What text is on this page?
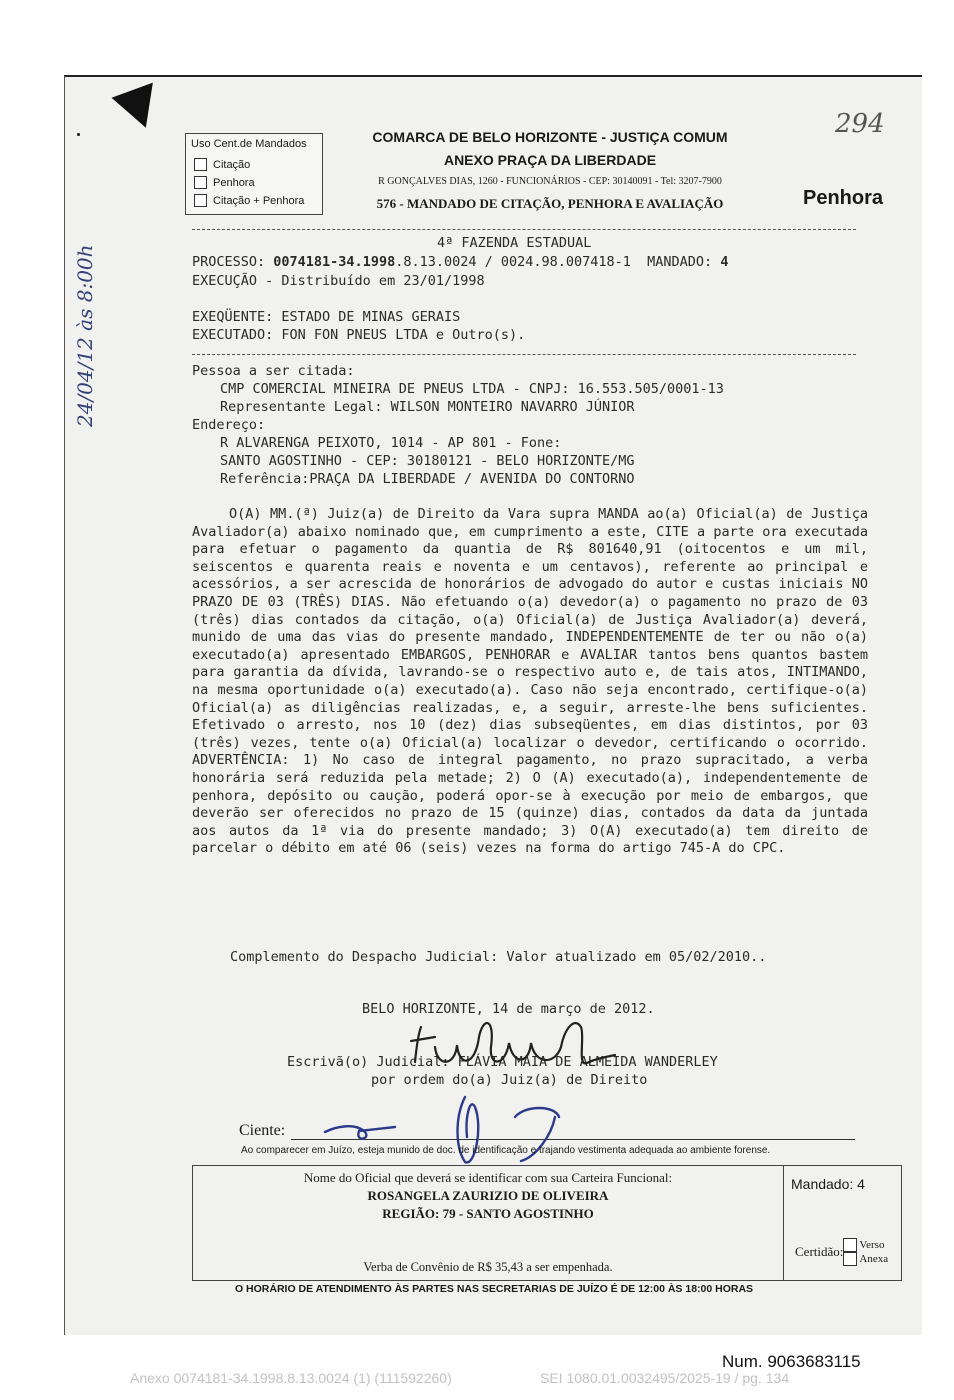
Uso Cent.de Mandados
Citação
Penhora
Citação + Penhora
COMARCA DE BELO HORIZONTE - JUSTIÇA COMUM
ANEXO PRAÇA DA LIBERDADE
R GONÇALVES DIAS, 1260 - FUNCIONÁRIOS - CEP: 30140091 - Tel: 3207-7900
576 - MANDADO DE CITAÇÃO, PENHORA E AVALIAÇÃO	Penhora
294
4ª FAZENDA ESTADUAL
PROCESSO: 0074181-34.1998.8.13.0024 / 0024.98.007418-1  MANDADO: 4
EXECUÇÃO - Distribuído em 23/01/1998
EXEQÜENTE: ESTADO DE MINAS GERAIS
EXECUTADO: FON FON PNEUS LTDA e Outro(s).
Pessoa a ser citada:
CMP COMERCIAL MINEIRA DE PNEUS LTDA - CNPJ: 16.553.505/0001-13
Representante Legal: WILSON MONTEIRO NAVARRO JÚNIOR
Endereço:
R ALVARENGA PEIXOTO, 1014 - AP 801 - Fone:
SANTO AGOSTINHO - CEP: 30180121 - BELO HORIZONTE/MG
Referência:PRAÇA DA LIBERDADE / AVENIDA DO CONTORNO
O(A) MM.(ª) Juiz(a) de Direito da Vara supra MANDA ao(a) Oficial(a) de Justiça Avaliador(a) abaixo nominado que, em cumprimento a este, CITE a parte ora executada para efetuar o pagamento da quantia de R$ 801640,91 (oitocentos e um mil, seiscentos e quarenta reais e noventa e um centavos), referente ao principal e acessórios, a ser acrescida de honorários de advogado do autor e custas iniciais NO PRAZO DE 03 (TRÊS) DIAS. Não efetuando o(a) devedor(a) o pagamento no prazo de 03 (três) dias contados da citação, o(a) Oficial(a) de Justiça Avaliador(a) deverá, munido de uma das vias do presente mandado, INDEPENDENTEMENTE de ter ou não o(a) executado(a) apresentado EMBARGOS, PENHORAR e AVALIAR tantos bens quantos bastem para garantia da dívida, lavrando-se o respectivo auto e, de tais atos, INTIMANDO, na mesma oportunidade o(a) executado(a). Caso não seja encontrado, certifique-o(a) Oficial(a) as diligências realizadas, e, a seguir, arreste-lhe bens suficientes. Efetivado o arresto, nos 10 (dez) dias subseqüentes, em dias distintos, por 03 (três) vezes, tente o(a) Oficial(a) localizar o devedor, certificando o ocorrido. ADVERTÊNCIA: 1) No caso de integral pagamento, no prazo supracitado, a verba honorária será reduzida pela metade; 2) O (A) executado(a), independentemente de penhora, depósito ou caução, poderá opor-se à execução por meio de embargos, que deverão ser oferecidos no prazo de 15 (quinze) dias, contados da data da juntada aos autos da 1ª via do presente mandado; 3) O(A) executado(a) tem direito de parcelar o débito em até 06 (seis) vezes na forma do artigo 745-A do CPC.
Complemento do Despacho Judicial: Valor atualizado em 05/02/2010..
BELO HORIZONTE, 14 de março de 2012.
Escrivã(o) Judicial: FLÁVIA MAIA DE ALMEIDA WANDERLEY
por ordem do(a) Juiz(a) de Direito
24/04/12 às 8:00h
Ciente:
Ao comparecer em Juízo, esteja munido de doc. de identificação e trajando vestimenta adequada ao ambiente forense.
Nome do Oficial que deverá se identificar com sua Carteira Funcional:
ROSANGELA ZAURIZIO DE OLIVEIRA
REGIÃO: 79 - SANTO AGOSTINHO
Verba de Convênio de R$ 35,43 a ser empenhada.
Mandado: 4
Certidão: Verso
Anexa
O HORÁRIO DE ATENDIMENTO ÀS PARTES NAS SECRETARIAS DE JUÍZO É DE 12:00 ÀS 18:00 HORAS
Num. 9063683115
Anexo 0074181-34.1998.8.13.0024 (1) (111592260)	SEI 1080.01.0032495/2025-19 / pg. 134
